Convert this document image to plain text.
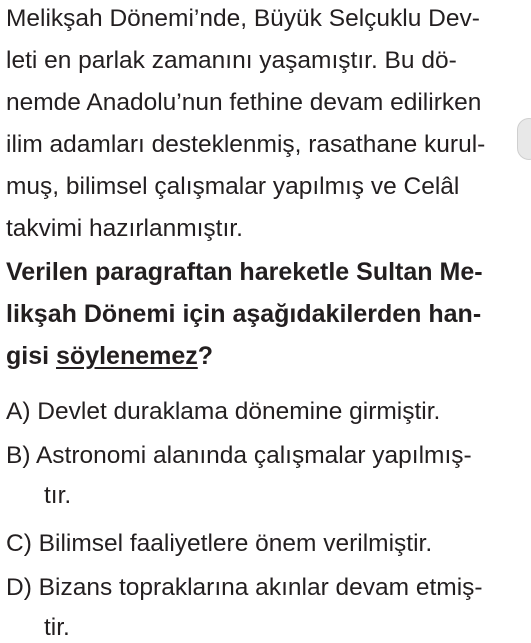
Melikşah Dönemi’nde, Büyük Selçuklu Dev-
leti en parlak zamanını yaşamıştır. Bu dö-
nemde Anadolu’nun fethine devam edilirken
ilim adamları desteklenmiş, rasathane kurul-
muş, bilimsel çalışmalar yapılmış ve Celâl
takvimi hazırlanmıştır.
Verilen paragraftan hareketle Sultan Me-
likşah Dönemi için aşağıdakilerden han-
gisi söylenemez?
A) Devlet duraklama dönemine girmiştir.
B) Astronomi alanında çalışmalar yapılmış-
tır.
C) Bilimsel faaliyetlere önem verilmiştir.
D) Bizans topraklarına akınlar devam etmiş-
tir.
